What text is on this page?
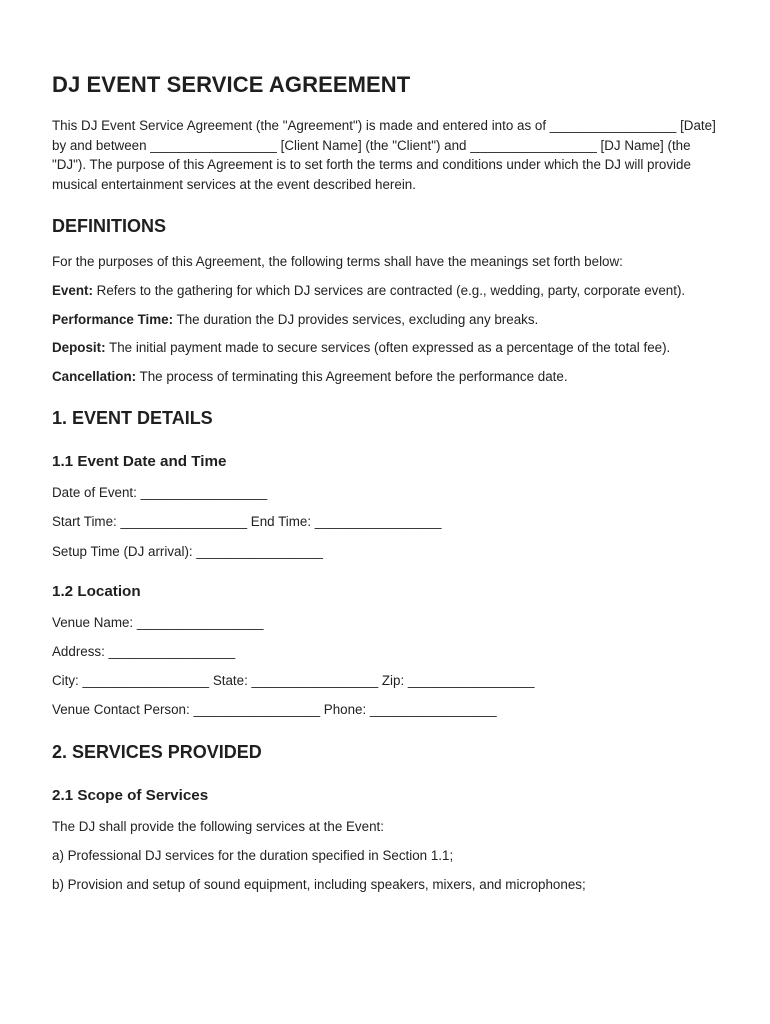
DJ EVENT SERVICE AGREEMENT

This DJ Event Service Agreement (the "Agreement") is made and entered into as of _________________ [Date] by and between _________________ [Client Name] (the "Client") and _________________ [DJ Name] (the "DJ"). The purpose of this Agreement is to set forth the terms and conditions under which the DJ will provide musical entertainment services at the event described herein.

DEFINITIONS

For the purposes of this Agreement, the following terms shall have the meanings set forth below:

Event: Refers to the gathering for which DJ services are contracted (e.g., wedding, party, corporate event).

Performance Time: The duration the DJ provides services, excluding any breaks.

Deposit: The initial payment made to secure services (often expressed as a percentage of the total fee).

Cancellation: The process of terminating this Agreement before the performance date.

1. EVENT DETAILS
1.1 Event Date and Time

Date of Event: _________________

Start Time: _________________ End Time: _________________

Setup Time (DJ arrival): _________________

1.2 Location

Venue Name: _________________

Address: _________________

City: _________________ State: _________________ Zip: _________________

Venue Contact Person: _________________ Phone: _________________

2. SERVICES PROVIDED
2.1 Scope of Services

The DJ shall provide the following services at the Event:

a) Professional DJ services for the duration specified in Section 1.1;

b) Provision and setup of sound equipment, including speakers, mixers, and microphones;
